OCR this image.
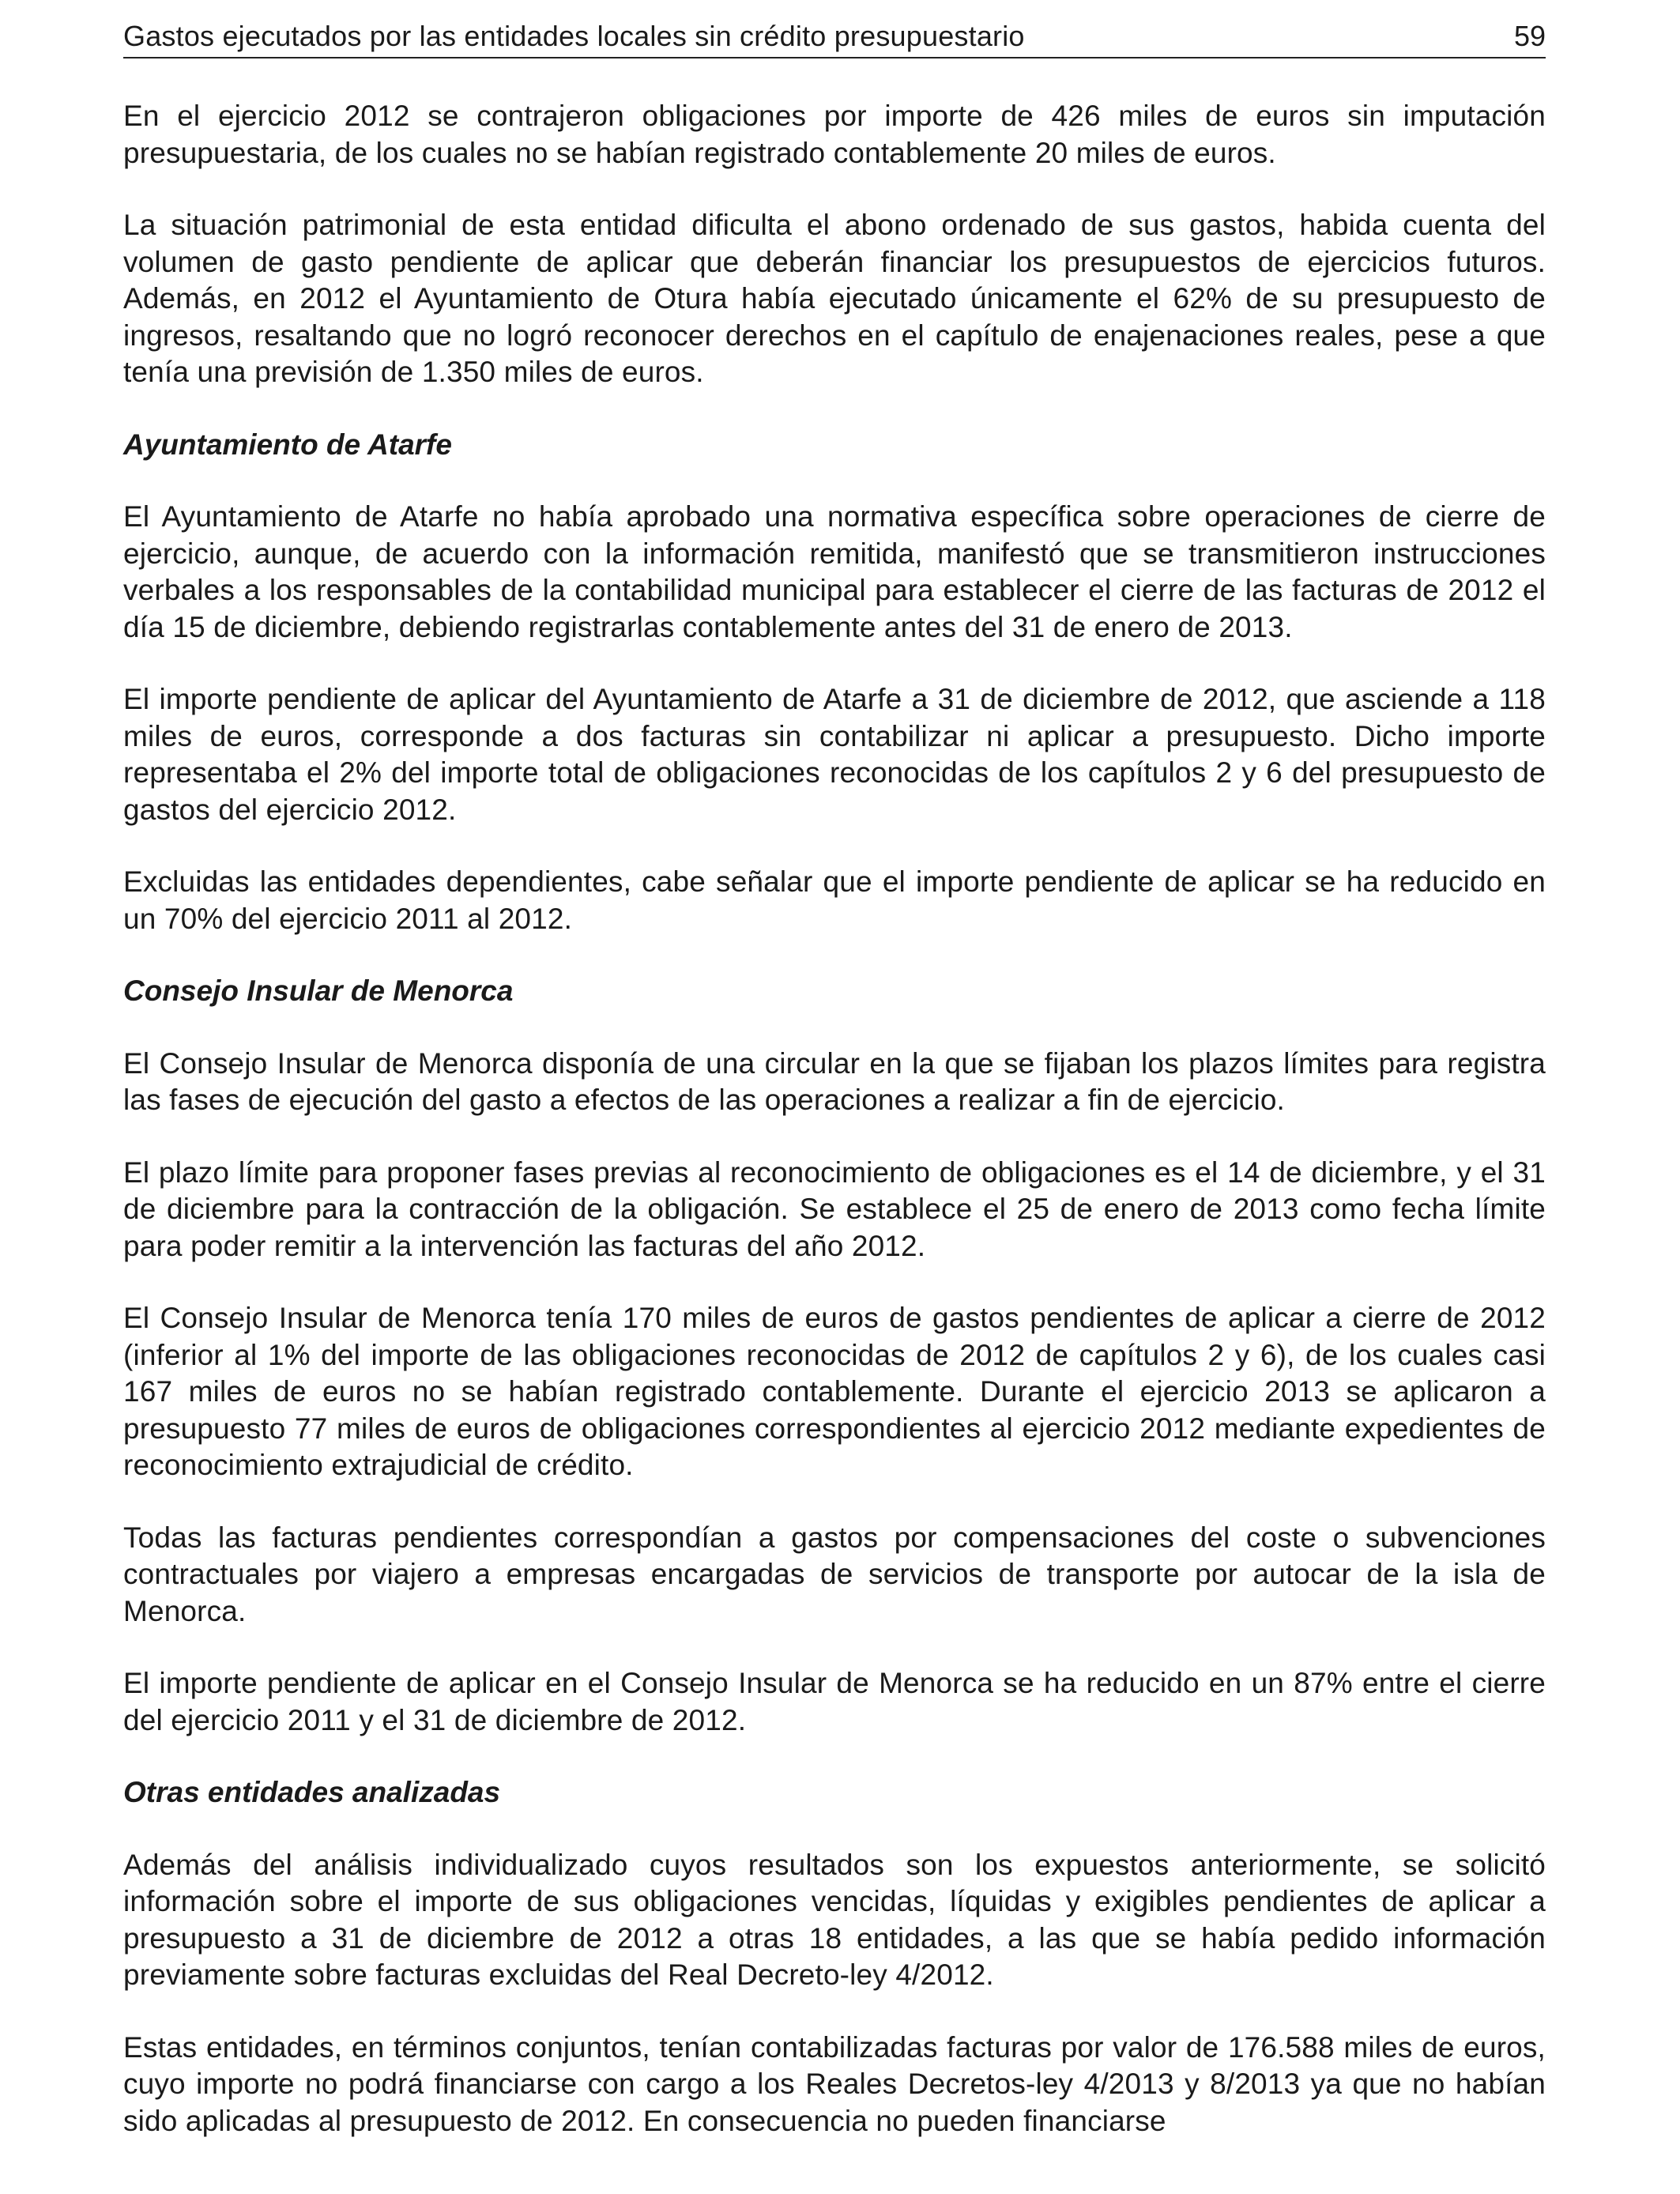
Gastos ejecutados por las entidades locales sin crédito presupuestario	59

En el ejercicio 2012 se contrajeron obligaciones por importe de 426 miles de euros sin imputación presupuestaria, de los cuales no se habían registrado contablemente 20 miles de euros.

La situación patrimonial de esta entidad dificulta el abono ordenado de sus gastos, habida cuenta del volumen de gasto pendiente de aplicar que deberán financiar los presupuestos de ejercicios futuros. Además, en 2012 el Ayuntamiento de Otura había ejecutado únicamente el 62% de su presupuesto de ingresos, resaltando que no logró reconocer derechos en el capítulo de enajenaciones reales, pese a que tenía una previsión de 1.350 miles de euros.

Ayuntamiento de Atarfe

El Ayuntamiento de Atarfe no había aprobado una normativa específica sobre operaciones de cierre de ejercicio, aunque, de acuerdo con la información remitida, manifestó que se transmitieron instrucciones verbales a los responsables de la contabilidad municipal para establecer el cierre de las facturas de 2012 el día 15 de diciembre, debiendo registrarlas contablemente antes del 31 de enero de 2013.

El importe pendiente de aplicar del Ayuntamiento de Atarfe a 31 de diciembre de 2012, que asciende a 118 miles de euros, corresponde a dos facturas sin contabilizar ni aplicar a presupuesto. Dicho importe representaba el 2% del importe total de obligaciones reconocidas de los capítulos 2 y 6 del presupuesto de gastos del ejercicio 2012.

Excluidas las entidades dependientes, cabe señalar que el importe pendiente de aplicar se ha reducido en un 70% del ejercicio 2011 al 2012.

Consejo Insular de Menorca

El Consejo Insular de Menorca disponía de una circular en la que se fijaban los plazos límites para registra las fases de ejecución del gasto a efectos de las operaciones a realizar a fin de ejercicio.

El plazo límite para proponer fases previas al reconocimiento de obligaciones es el 14 de diciembre, y el 31 de diciembre para la contracción de la obligación. Se establece el 25 de enero de 2013 como fecha límite para poder remitir a la intervención las facturas del año 2012.

El Consejo Insular de Menorca tenía 170 miles de euros de gastos pendientes de aplicar a cierre de 2012 (inferior al 1% del importe de las obligaciones reconocidas de 2012 de capítulos 2 y 6), de los cuales casi 167 miles de euros no se habían registrado contablemente. Durante el ejercicio 2013 se aplicaron a presupuesto 77 miles de euros de obligaciones correspondientes al ejercicio 2012 mediante expedientes de reconocimiento extrajudicial de crédito.

Todas las facturas pendientes correspondían a gastos por compensaciones del coste o subvenciones contractuales por viajero a empresas encargadas de servicios de transporte por autocar de la isla de Menorca.

El importe pendiente de aplicar en el Consejo Insular de Menorca se ha reducido en un 87% entre el cierre del ejercicio 2011 y el 31 de diciembre de 2012.

Otras entidades analizadas

Además del análisis individualizado cuyos resultados son los expuestos anteriormente, se solicitó información sobre el importe de sus obligaciones vencidas, líquidas y exigibles pendientes de aplicar a presupuesto a 31 de diciembre de 2012 a otras 18 entidades, a las que se había pedido información previamente sobre facturas excluidas del Real Decreto-ley 4/2012.

Estas entidades, en términos conjuntos, tenían contabilizadas facturas por valor de 176.588 miles de euros, cuyo importe no podrá financiarse con cargo a los Reales Decretos-ley 4/2013 y 8/2013 ya que no habían sido aplicadas al presupuesto de 2012. En consecuencia no pueden financiarse
